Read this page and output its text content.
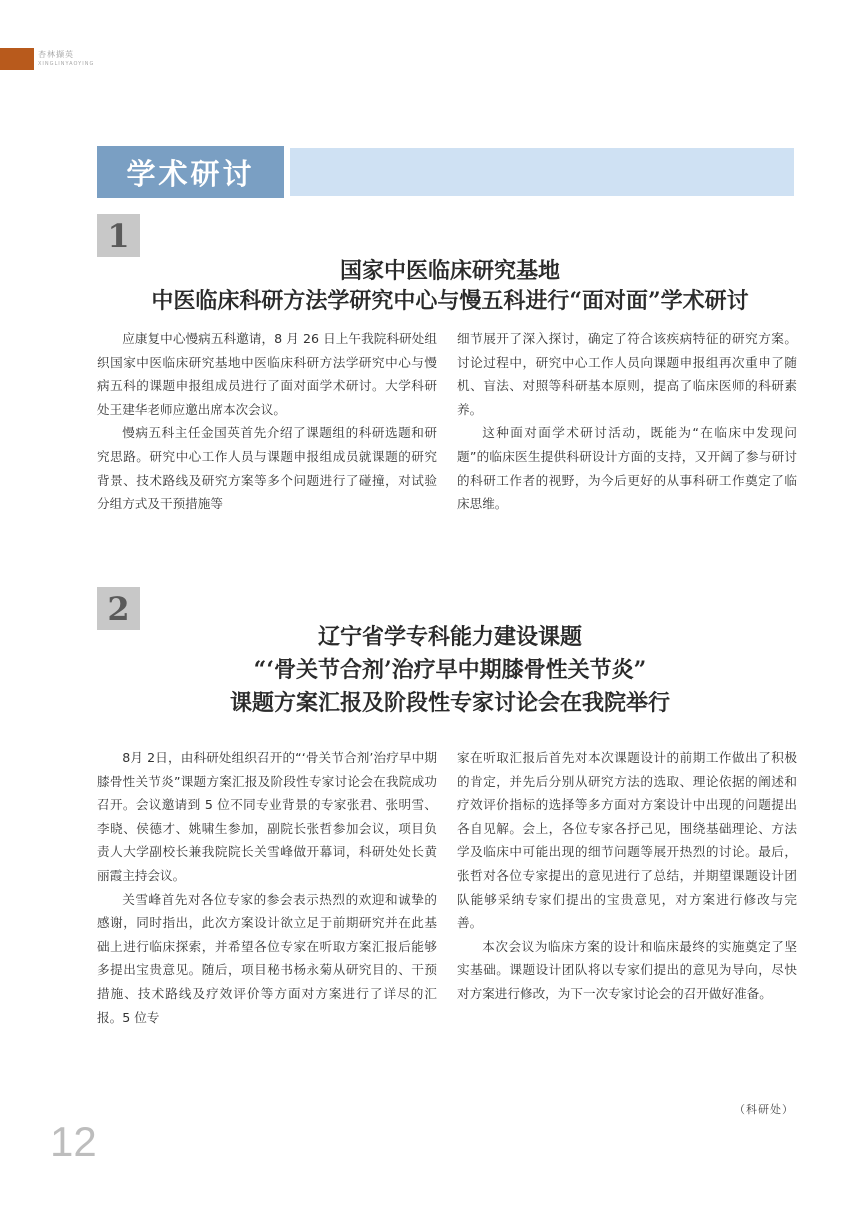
杏林撷英
XINGLINYAOYING
学术研讨
1
国家中医临床研究基地
中医临床科研方法学研究中心与慢五科进行“面对面”学术研讨

应康复中心慢病五科邀请，8 月 26 日上午我院科研处组织国家中医临床研究基地中医临床科研方法学研究中心与慢病五科的课题申报组成员进行了面对面学术研讨。大学科研处王建华老师应邀出席本次会议。

慢病五科主任金国英首先介绍了课题组的科研选题和研究思路。研究中心工作人员与课题申报组成员就课题的研究背景、技术路线及研究方案等多个问题进行了碰撞，对试验分组方式及干预措施等

细节展开了深入探讨，确定了符合该疾病特征的研究方案。讨论过程中，研究中心工作人员向课题申报组再次重申了随机、盲法、对照等科研基本原则，提高了临床医师的科研素养。

这种面对面学术研讨活动，既能为“在临床中发现问题”的临床医生提供科研设计方面的支持，又开阔了参与研讨的科研工作者的视野，为今后更好的从事科研工作奠定了临床思维。

2
辽宁省学专科能力建设课题
“‘骨关节合剂’治疗早中期膝骨性关节炎”
课题方案汇报及阶段性专家讨论会在我院举行

8月 2日，由科研处组织召开的“‘骨关节合剂’治疗早中期膝骨性关节炎”课题方案汇报及阶段性专家讨论会在我院成功召开。会议邀请到 5 位不同专业背景的专家张君、张明雪、李晓、侯德才、姚啸生参加，副院长张哲参加会议，项目负责人大学副校长兼我院院长关雪峰做开幕词，科研处处长黄丽霞主持会议。

关雪峰首先对各位专家的参会表示热烈的欢迎和诚挚的感谢，同时指出，此次方案设计欲立足于前期研究并在此基础上进行临床探索，并希望各位专家在听取方案汇报后能够多提出宝贵意见。随后，项目秘书杨永菊从研究目的、干预措施、技术路线及疗效评价等方面对方案进行了详尽的汇报。5 位专

家在听取汇报后首先对本次课题设计的前期工作做出了积极的肯定，并先后分别从研究方法的选取、理论依据的阐述和疗效评价指标的选择等多方面对方案设计中出现的问题提出各自见解。会上，各位专家各抒己见，围绕基础理论、方法学及临床中可能出现的细节问题等展开热烈的讨论。最后，张哲对各位专家提出的意见进行了总结，并期望课题设计团队能够采纳专家们提出的宝贵意见，对方案进行修改与完善。

本次会议为临床方案的设计和临床最终的实施奠定了坚实基础。课题设计团队将以专家们提出的意见为导向，尽快对方案进行修改，为下一次专家讨论会的召开做好准备。

（科研处）
12
